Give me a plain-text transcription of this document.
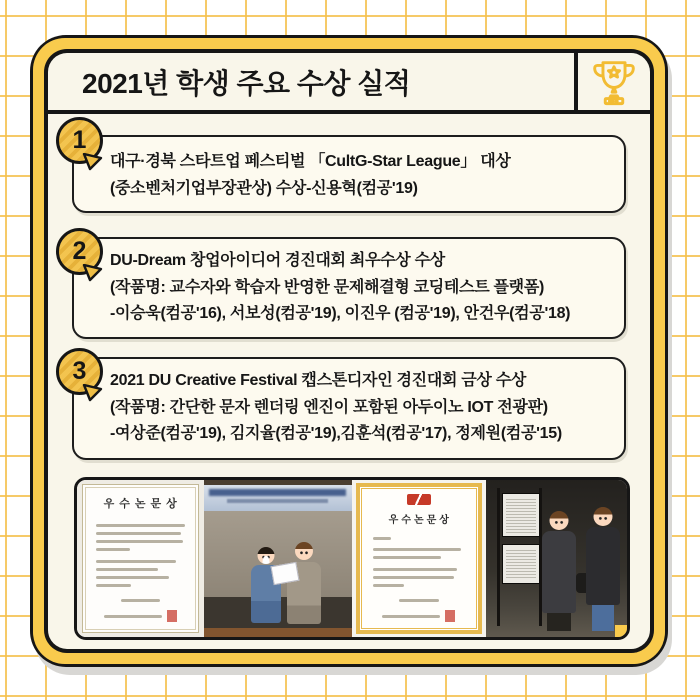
2021년 학생 주요 수상 실적
1
대구·경북 스타트업 페스티벌 「CultG-Star League」 대상
(중소벤처기업부장관상) 수상-신용혁(컴공'19)
2 DU-Dream 창업아이디어 경진대회 최우수상 수상
(작품명: 교수자와 학습자 반영한 문제해결형 코딩테스트 플랫폼)
-이승욱(컴공'16), 서보성(컴공'19), 이진우 (컴공'19), 안건우(컴공'18)
3 2021 DU Creative Festival 캡스톤디자인 경진대회 금상 수상
(작품명: 간단한 문자 렌더링 엔진이 포함된 아두이노 IOT 전광판)
-여상준(컴공'19), 김지율(컴공'19),김훈석(컴공'17), 정제원(컴공'15)
우수논문상
우수논문상
